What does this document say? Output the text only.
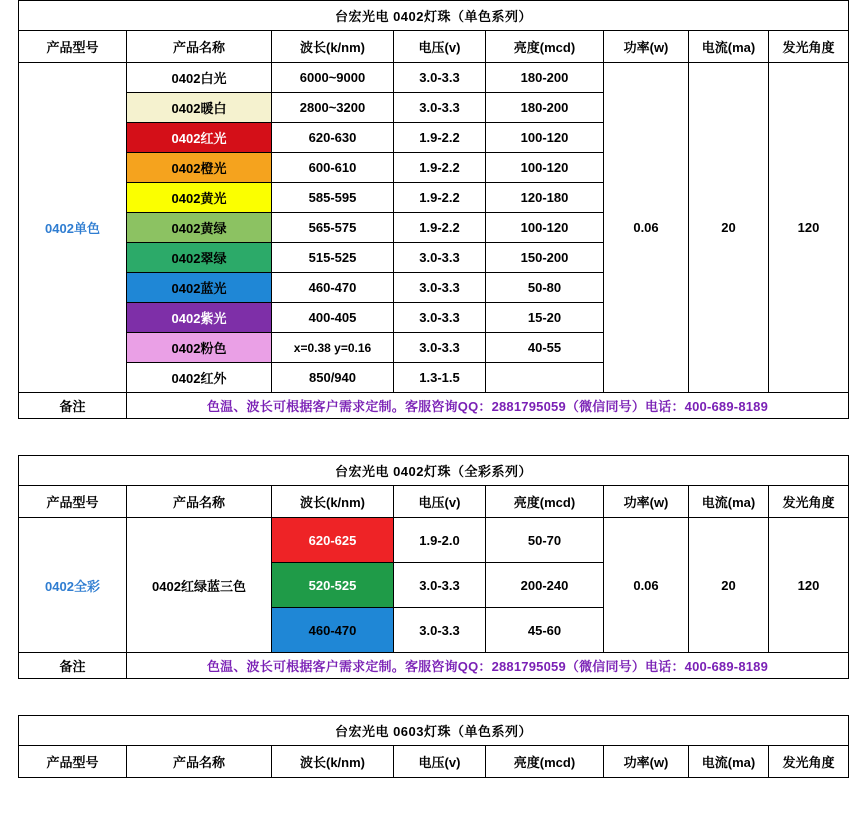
台宏光电 0402灯珠（单色系列）							
产品型号	产品名称	波长(k/nm)	电压(v)	亮度(mcd)	功率(w)	电流(ma)	发光角度
0402单色	0402白光	6000~9000	3.0-3.3	180-200	0.06	20	120
	0402暖白	2800~3200	3.0-3.3	180-200			
	0402红光	620-630	1.9-2.2	100-120			
	0402橙光	600-610	1.9-2.2	100-120			
	0402黄光	585-595	1.9-2.2	120-180			
	0402黄绿	565-575	1.9-2.2	100-120			
	0402翠绿	515-525	3.0-3.3	150-200			
	0402蓝光	460-470	3.0-3.3	50-80			
	0402紫光	400-405	3.0-3.3	15-20			
	0402粉色	x=0.38 y=0.16	3.0-3.3	40-55			
	0402红外	850/940	1.3-1.5				
备注	色温、波长可根据客户需求定制。客服咨询QQ：2881795059（微信同号）电话：400-689-8189						
台宏光电 0402灯珠（全彩系列）							
产品型号	产品名称	波长(k/nm)	电压(v)	亮度(mcd)	功率(w)	电流(ma)	发光角度
0402全彩	0402红绿蓝三色	620-625	1.9-2.0	50-70	0.06	20	120
		520-525	3.0-3.3	200-240			
		460-470	3.0-3.3	45-60			
备注	色温、波长可根据客户需求定制。客服咨询QQ：2881795059（微信同号）电话：400-689-8189						
台宏光电 0603灯珠（单色系列）
产品型号	产品名称	波长(k/nm)	电压(v)	亮度(mcd)	功率(w)	电流(ma)	发光角度
